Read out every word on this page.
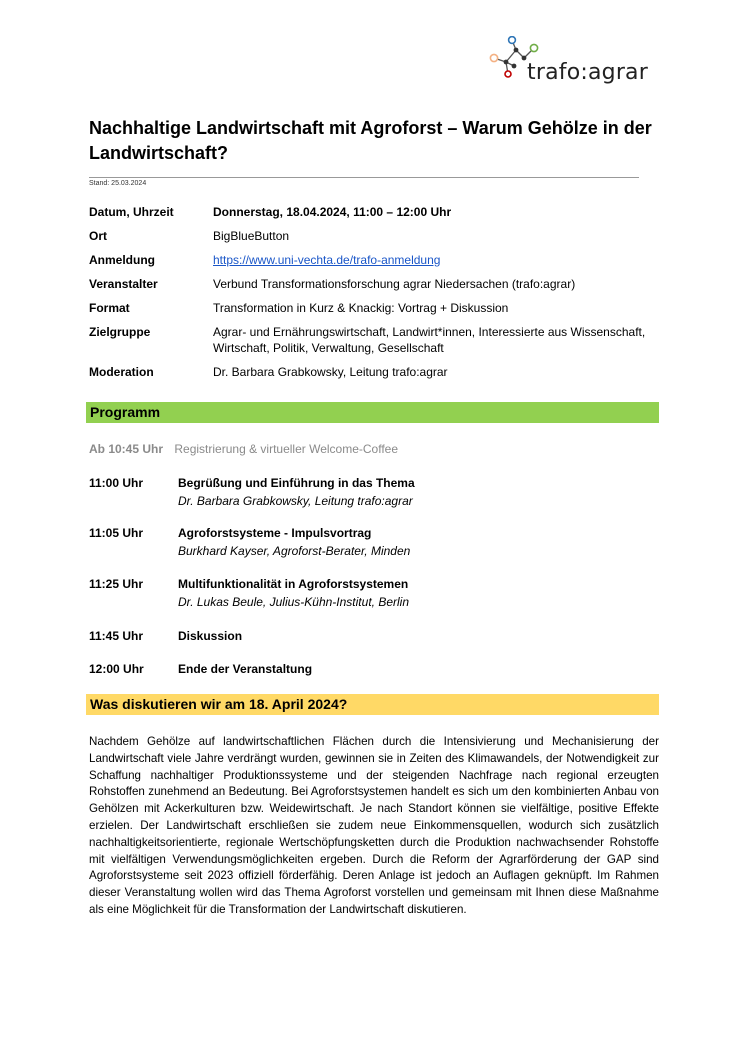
trafo:agrar
Nachhaltige Landwirtschaft mit Agroforst – Warum Gehölze in der Landwirtschaft?
Stand: 25.03.2024
Datum, Uhrzeit	Donnerstag, 18.04.2024, 11:00 – 12:00 Uhr
Ort	BigBlueButton
Anmeldung	https://www.uni-vechta.de/trafo-anmeldung
Veranstalter	Verbund Transformationsforschung agrar Niedersachen (trafo:agrar)
Format	Transformation in Kurz & Knackig: Vortrag + Diskussion
Zielgruppe	Agrar- und Ernährungswirtschaft, Landwirt*innen, Interessierte aus Wissenschaft, Wirtschaft, Politik, Verwaltung, Gesellschaft
Moderation	Dr. Barbara Grabkowsky, Leitung trafo:agrar
Programm
Ab 10:45 Uhr Registrierung & virtueller Welcome-Coffee
11:00 Uhr	Begrüßung und Einführung in das Thema
Dr. Barbara Grabkowsky, Leitung trafo:agrar
11:05 Uhr	Agroforstsysteme - Impulsvortrag
Burkhard Kayser, Agroforst-Berater, Minden
11:25 Uhr	Multifunktionalität in Agroforstsystemen
Dr. Lukas Beule, Julius-Kühn-Institut, Berlin
11:45 Uhr	Diskussion
12:00 Uhr	Ende der Veranstaltung
Was diskutieren wir am 18. April 2024?

Nachdem Gehölze auf landwirtschaftlichen Flächen durch die Intensivierung und Mechanisierung der Landwirtschaft viele Jahre verdrängt wurden, gewinnen sie in Zeiten des Klimawandels, der Notwendigkeit zur Schaffung nachhaltiger Produktionssysteme und der steigenden Nachfrage nach regional erzeugten Rohstoffen zunehmend an Bedeutung. Bei Agroforstsystemen handelt es sich um den kombinierten Anbau von Gehölzen mit Ackerkulturen bzw. Weidewirtschaft. Je nach Standort können sie vielfältige, positive Effekte erzielen. Der Landwirtschaft erschließen sie zudem neue Einkommensquellen, wodurch sich zusätzlich nachhaltigkeitsorientierte, regionale Wertschöpfungsketten durch die Produktion nachwachsender Rohstoffe mit vielfältigen Verwendungsmöglichkeiten ergeben. Durch die Reform der Agrarförderung der GAP sind Agroforstsysteme seit 2023 offiziell förderfähig. Deren Anlage ist jedoch an Auflagen geknüpft. Im Rahmen dieser Veranstaltung wollen wird das Thema Agroforst vorstellen und gemeinsam mit Ihnen diese Maßnahme als eine Möglichkeit für die Transformation der Landwirtschaft diskutieren.
